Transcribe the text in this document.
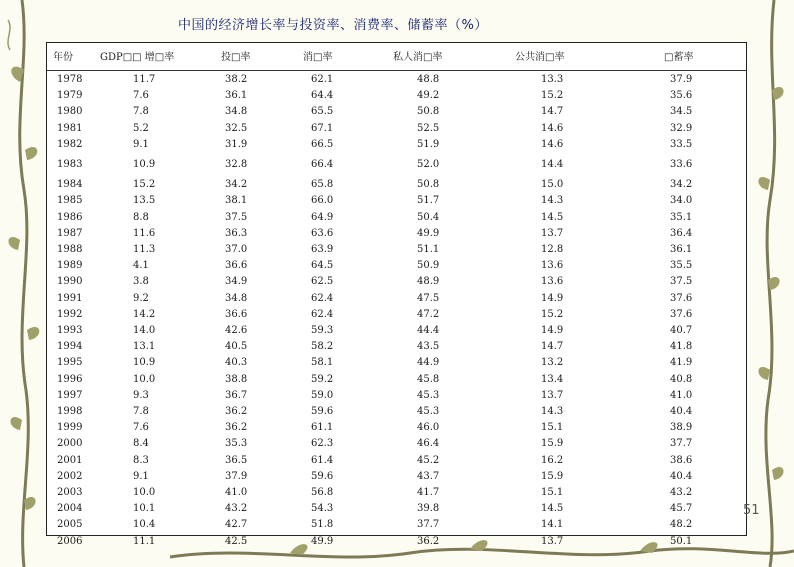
中国的经济增长率与投资率、消费率、储蓄率（%）
年份	GDP□□ 增□率	投□率	消□率	私人消□率	公共消□率	□蓄率
1978	11.7	38.2	62.1	48.8	13.3	37.9
1979	7.6	36.1	64.4	49.2	15.2	35.6
1980	7.8	34.8	65.5	50.8	14.7	34.5
1981	5.2	32.5	67.1	52.5	14.6	32.9
1982	9.1	31.9	66.5	51.9	14.6	33.5
1983	10.9	32.8	66.4	52.0	14.4	33.6
1984	15.2	34.2	65.8	50.8	15.0	34.2
1985	13.5	38.1	66.0	51.7	14.3	34.0
1986	8.8	37.5	64.9	50.4	14.5	35.1
1987	11.6	36.3	63.6	49.9	13.7	36.4
1988	11.3	37.0	63.9	51.1	12.8	36.1
1989	4.1	36.6	64.5	50.9	13.6	35.5
1990	3.8	34.9	62.5	48.9	13.6	37.5
1991	9.2	34.8	62.4	47.5	14.9	37.6
1992	14.2	36.6	62.4	47.2	15.2	37.6
1993	14.0	42.6	59.3	44.4	14.9	40.7
1994	13.1	40.5	58.2	43.5	14.7	41.8
1995	10.9	40.3	58.1	44.9	13.2	41.9
1996	10.0	38.8	59.2	45.8	13.4	40.8
1997	9.3	36.7	59.0	45.3	13.7	41.0
1998	7.8	36.2	59.6	45.3	14.3	40.4
1999	7.6	36.2	61.1	46.0	15.1	38.9
2000	8.4	35.3	62.3	46.4	15.9	37.7
2001	8.3	36.5	61.4	45.2	16.2	38.6
2002	9.1	37.9	59.6	43.7	15.9	40.4
2003	10.0	41.0	56.8	41.7	15.1	43.2
2004	10.1	43.2	54.3	39.8	14.5	45.7
2005	10.4	42.7	51.8	37.7	14.1	48.2
2006	11.1	42.5	49.9	36.2	13.7	50.1
51
